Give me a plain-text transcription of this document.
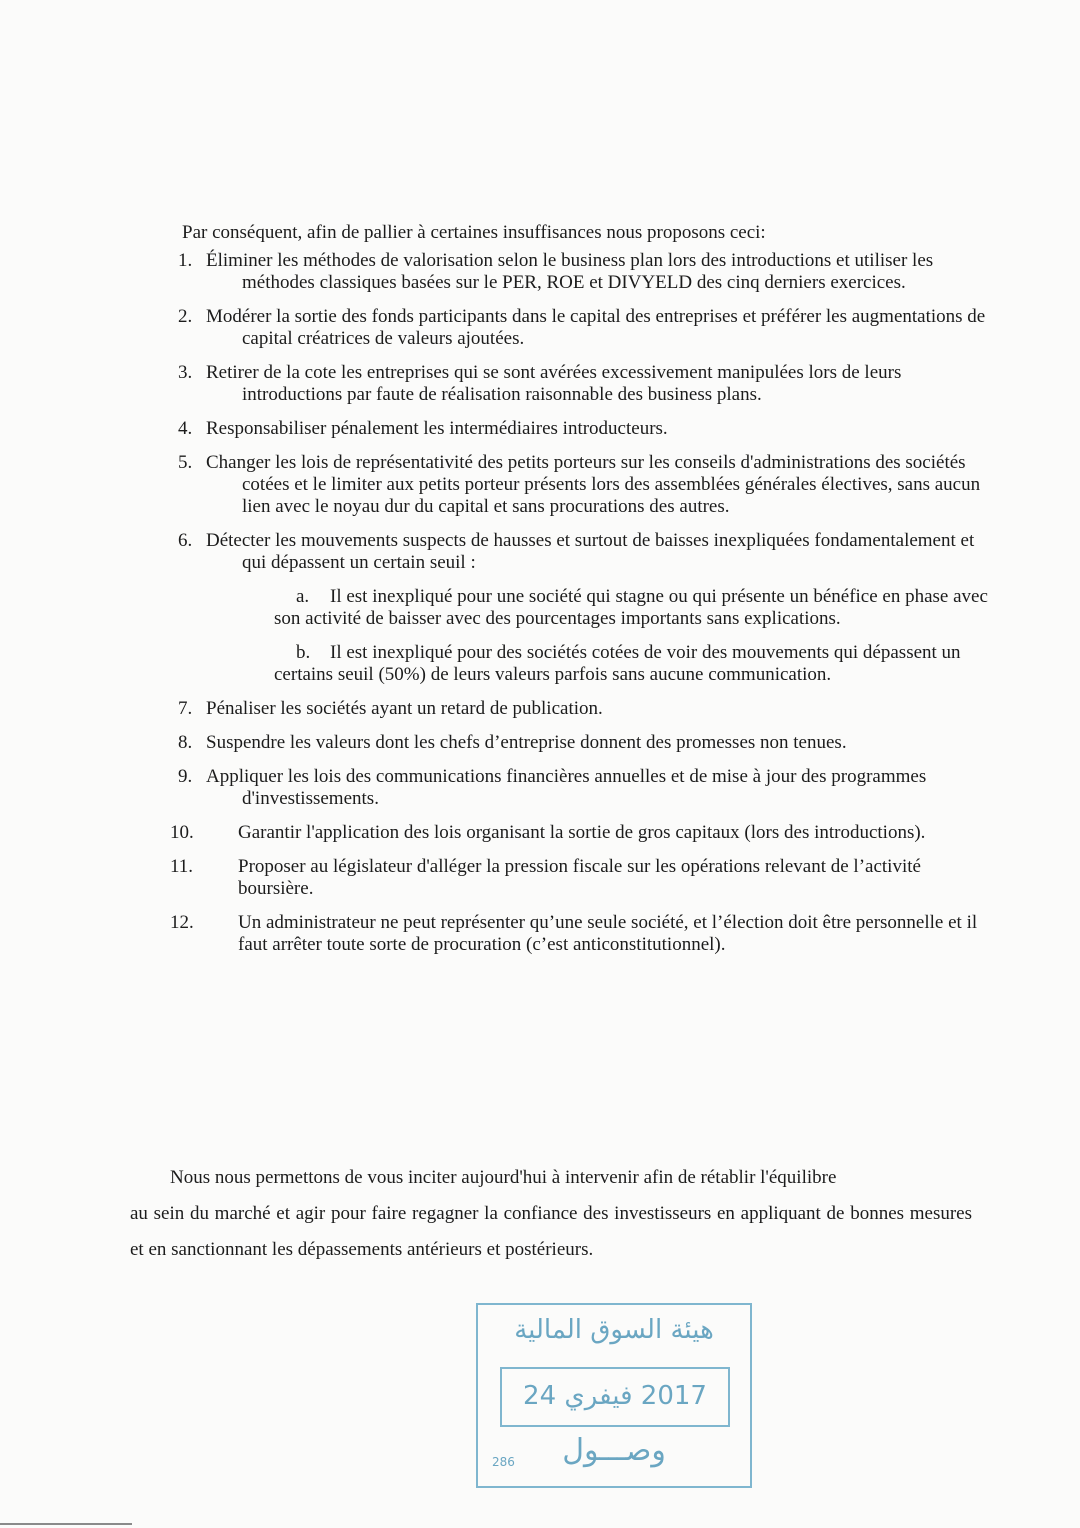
Par conséquent, afin de pallier à certaines insuffisances nous proposons ceci:
1. Éliminer les méthodes de valorisation selon le business plan lors des introductions et utiliser les méthodes classiques basées sur le PER, ROE et DIVYELD des cinq derniers exercices.
2. Modérer la sortie des fonds participants dans le capital des entreprises et préférer les augmentations de capital créatrices de valeurs ajoutées.
3. Retirer de la cote les entreprises qui se sont avérées excessivement manipulées lors de leurs introductions par faute de réalisation raisonnable des business plans.
4. Responsabiliser pénalement les intermédiaires introducteurs.
5. Changer les lois de représentativité des petits porteurs sur les conseils d'administrations des sociétés cotées et le limiter aux petits porteur présents lors des assemblées générales électives, sans aucun lien avec le noyau dur du capital et sans procurations des autres.
6. Détecter les mouvements suspects de hausses et surtout de baisses inexpliquées fondamentalement et qui dépassent un certain seuil :
a.	Il est inexpliqué pour une société qui stagne ou qui présente un bénéfice en phase avec son activité de baisser avec des pourcentages importants sans explications.
b.	Il est inexpliqué pour des sociétés cotées de voir des mouvements qui dépassent un certains seuil (50%) de leurs valeurs parfois sans aucune communication.
7. Pénaliser les sociétés ayant un retard de publication.
8. Suspendre les valeurs dont les chefs d’entreprise donnent des promesses non tenues.
9. Appliquer les lois des communications financières annuelles et de mise à jour des programmes d'investissements.
10.	Garantir l'application des lois organisant la sortie de gros capitaux (lors des introductions).
11.	Proposer au législateur d'alléger la pression fiscale sur les opérations relevant de l’activité boursière.
12.	Un administrateur ne peut représenter qu’une seule société, et l’élection doit être personnelle et il faut arrêter toute sorte de procuration (c’est anticonstitutionnel).
Nous nous permettons de vous inciter aujourd'hui à intervenir afin de rétablir l'équilibre
au sein du marché et agir pour faire regagner la confiance des investisseurs en appliquant de bonnes mesures et en sanctionnant les dépassements antérieurs et postérieurs.
هيئة السوق المالية
2017 فيفري 24
وصـــول
286
